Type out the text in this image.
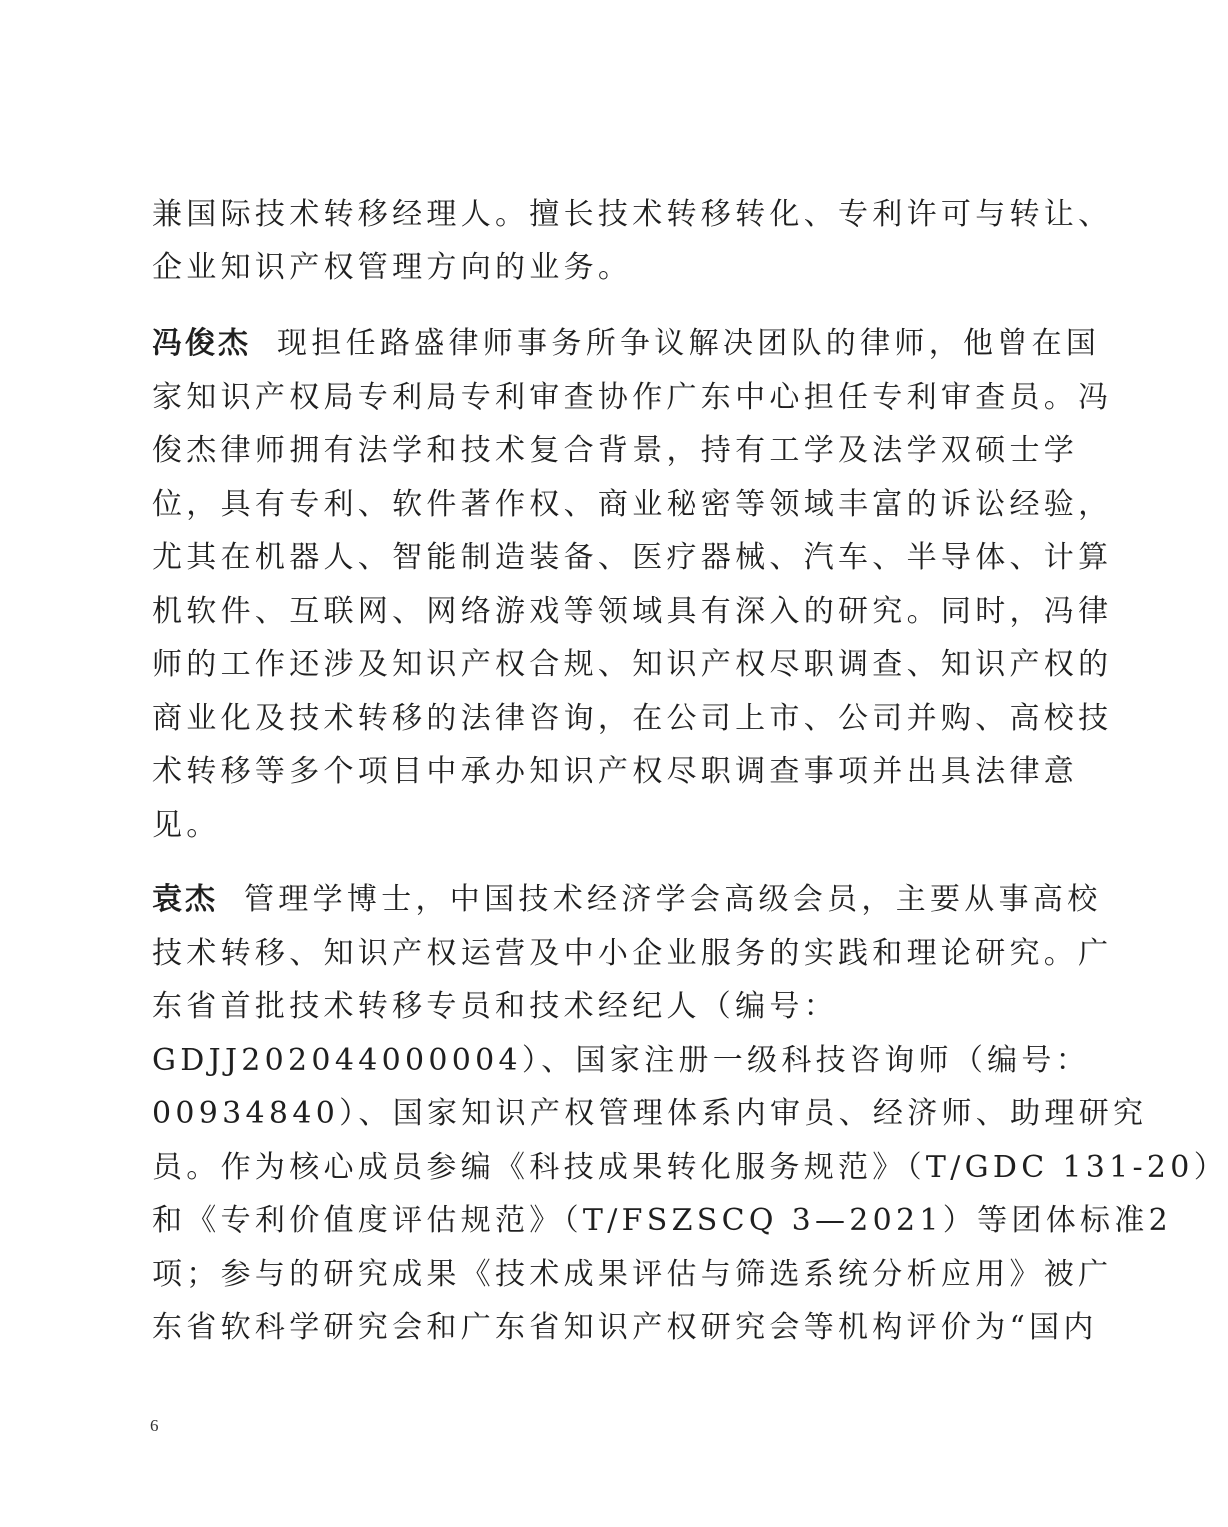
兼国际技术转移经理人。擅长技术转移转化、专利许可与转让、
企业知识产权管理方向的业务。
冯俊杰 现担任路盛律师事务所争议解决团队的律师，他曾在国
家知识产权局专利局专利审查协作广东中心担任专利审查员。冯
俊杰律师拥有法学和技术复合背景，持有工学及法学双硕士学
位，具有专利、软件著作权、商业秘密等领域丰富的诉讼经验，
尤其在机器人、智能制造装备、医疗器械、汽车、半导体、计算
机软件、互联网、网络游戏等领域具有深入的研究。同时，冯律
师的工作还涉及知识产权合规、知识产权尽职调查、知识产权的
商业化及技术转移的法律咨询，在公司上市、公司并购、高校技
术转移等多个项目中承办知识产权尽职调查事项并出具法律意
见。
袁杰 管理学博士，中国技术经济学会高级会员，主要从事高校
技术转移、知识产权运营及中小企业服务的实践和理论研究。广
东省首批技术转移专员和技术经纪人（编号：
GDJJ202044000004）、国家注册一级科技咨询师（编号：
00934840）、国家知识产权管理体系内审员、经济师、助理研究
员。作为核心成员参编《科技成果转化服务规范》（T/GDC 131-20）
和《专利价值度评估规范》（T/FSZSCQ 3—2021）等团体标准2
项；参与的研究成果《技术成果评估与筛选系统分析应用》被广
东省软科学研究会和广东省知识产权研究会等机构评价为“国内
6
